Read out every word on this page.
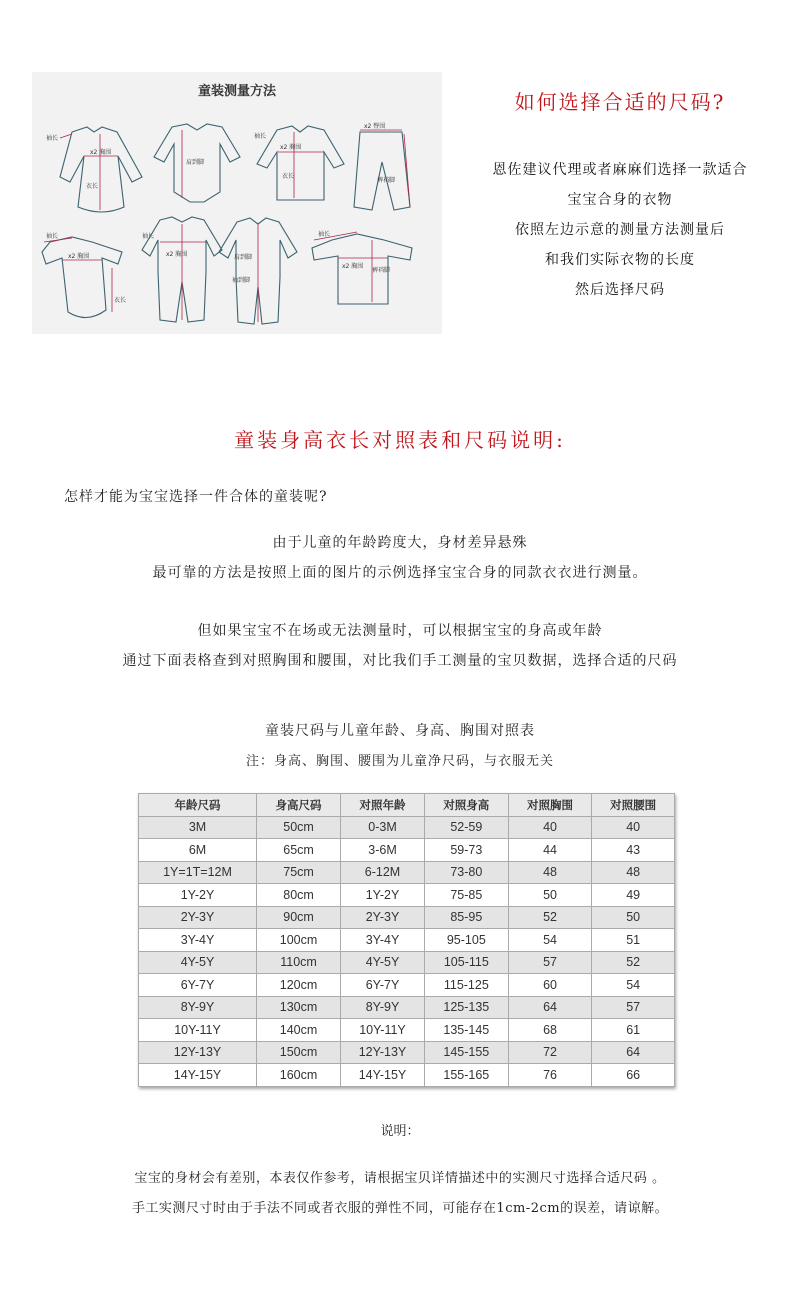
童装测量方法
袖长
x2 胸围
衣长
肩到脚
x2 胸围
袖长
衣长
x2 臀围
裤裆脚
袖长
x2 胸围
衣长
袖长
x2 胸围	肩到脚
袖到脚
裤裆脚
袖长
x2 胸围
如何选择合适的尺码?
恩佐建议代理或者麻麻们选择一款适合
宝宝合身的衣物
依照左边示意的测量方法测量后
和我们实际衣物的长度
然后选择尺码
童装身高衣长对照表和尺码说明:
怎样才能为宝宝选择一件合体的童装呢?
由于儿童的年龄跨度大，身材差异悬殊
最可靠的方法是按照上面的图片的示例选择宝宝合身的同款衣衣进行测量。
但如果宝宝不在场或无法测量时，可以根据宝宝的身高或年龄
通过下面表格查到对照胸围和腰围，对比我们手工测量的宝贝数据，选择合适的尺码
童装尺码与儿童年龄、身高、胸围对照表
注：身高、胸围、腰围为儿童净尺码，与衣服无关
年龄尺码	身高尺码	对照年龄	对照身高	对照胸围	对照腰围
3M	50cm	0-3M	52-59	40	40
6M	65cm	3-6M	59-73	44	43
1Y=1T=12M	75cm	6-12M	73-80	48	48
1Y-2Y	80cm	1Y-2Y	75-85	50	49
2Y-3Y	90cm	2Y-3Y	85-95	52	50
3Y-4Y	100cm	3Y-4Y	95-105	54	51
4Y-5Y	110cm	4Y-5Y	105-115	57	52
6Y-7Y	120cm	6Y-7Y	115-125	60	54
8Y-9Y	130cm	8Y-9Y	125-135	64	57
10Y-11Y	140cm	10Y-11Y	135-145	68	61
12Y-13Y	150cm	12Y-13Y	145-155	72	64
14Y-15Y	160cm	14Y-15Y	155-165	76	66
说明：
宝宝的身材会有差别，本表仅作参考，请根据宝贝详情描述中的实测尺寸选择合适尺码 。
手工实测尺寸时由于手法不同或者衣服的弹性不同，可能存在1cm-2cm的误差，请谅解。
